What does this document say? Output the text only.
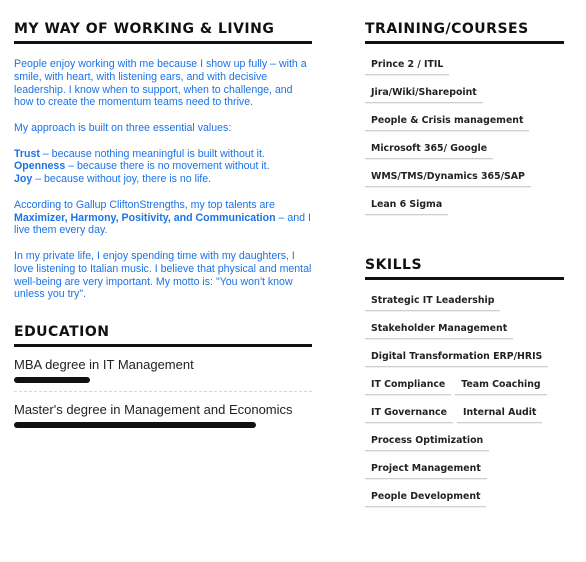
MY WAY OF WORKING & LIVING

People enjoy working with me because I show up fully – with a smile, with heart, with listening ears, and with decisive leadership. I know when to support, when to challenge, and how to create the momentum teams need to thrive.

My approach is built on three essential values:

Trust – because nothing meaningful is built without it.
Openness – because there is no movement without it.
Joy – because without joy, there is no life.

According to Gallup CliftonStrengths, my top talents are
Maximizer, Harmony, Positivity, and Communication – and I live them every day.

In my private life, I enjoy spending time with my daughters, I love listening to Italian music. I believe that physical and mental well-being are very important. My motto is: "You won't know unless you try".

EDUCATION
MBA degree in IT Management
Master's degree in Management and Economics
TRAINING/COURSES
Prince 2 / ITIL
Jira/Wiki/Sharepoint
People & Crisis management
Microsoft 365/ Google
WMS/TMS/Dynamics 365/SAP
Lean 6 Sigma
SKILLS
Strategic IT Leadership
Stakeholder Management
Digital Transformation ERP/HRIS
IT Compliance Team Coaching
IT Governance Internal Audit
Process Optimization
Project Management
People Development
